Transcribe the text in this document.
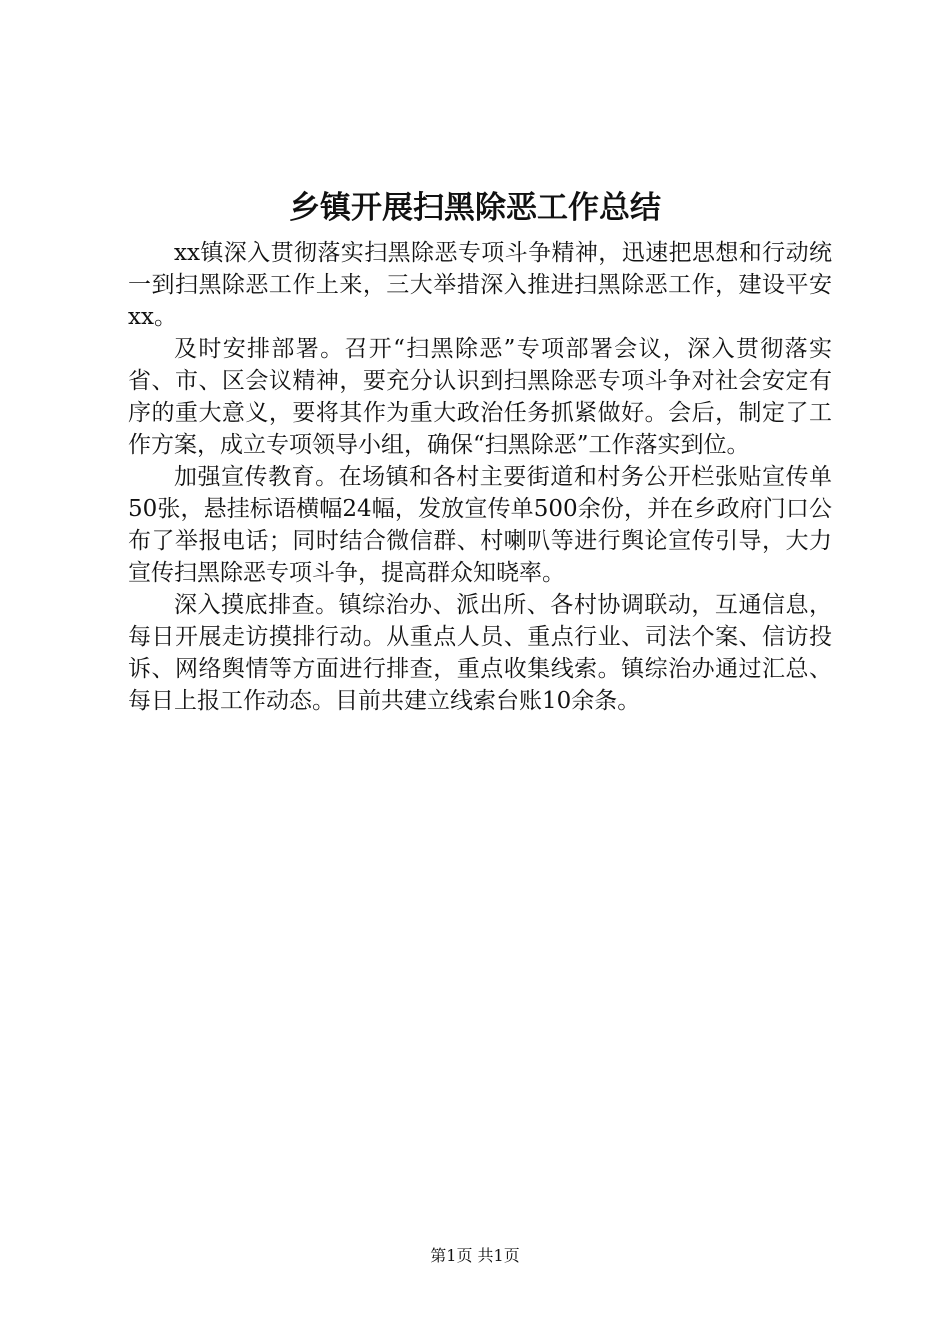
乡镇开展扫黑除恶工作总结

xx镇深入贯彻落实扫黑除恶专项斗争精神，迅速把思想和行动统一到扫黑除恶工作上来，三大举措深入推进扫黑除恶工作，建设平安xx。

及时安排部署。召开“扫黑除恶”专项部署会议，深入贯彻落实省、市、区会议精神，要充分认识到扫黑除恶专项斗争对社会安定有序的重大意义，要将其作为重大政治任务抓紧做好。会后，制定了工作方案，成立专项领导小组，确保“扫黑除恶”工作落实到位。

加强宣传教育。在场镇和各村主要街道和村务公开栏张贴宣传单50张，悬挂标语横幅24幅，发放宣传单500余份，并在乡政府门口公布了举报电话；同时结合微信群、村喇叭等进行舆论宣传引导，大力宣传扫黑除恶专项斗争，提高群众知晓率。

深入摸底排查。镇综治办、派出所、各村协调联动，互通信息，每日开展走访摸排行动。从重点人员、重点行业、司法个案、信访投诉、网络舆情等方面进行排查，重点收集线索。镇综治办通过汇总、每日上报工作动态。目前共建立线索台账10余条。

第1页 共1页
